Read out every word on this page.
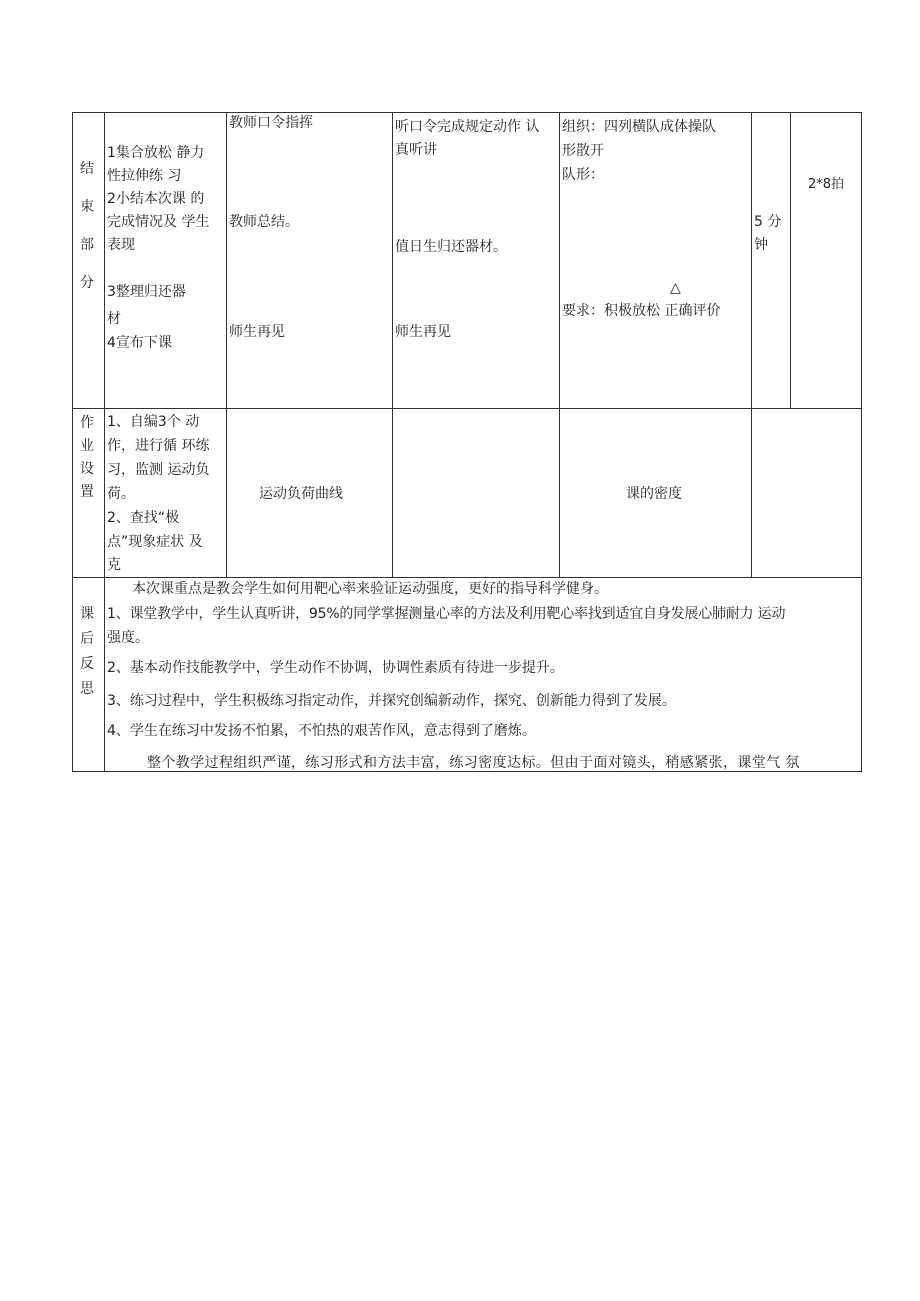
结
束
部
分
1集合放松 静力
性拉伸练 习
2小结本次课 的
完成情况及 学生
表现
3整理归还器
材
4宣布下课
教师口令指挥
教师总结。
师生再见
听口令完成规定动作 认
真听讲
值日生归还器材。
师生再见
组织：四列横队成体操队
形散开
队形：
△
要求：积极放松 正确评价
5 分
钟
2*8拍
作
业
设
置
1、自编3个 动
作，进行循 环练
习，监测 运动负
荷。
2、查找“极
点”现象症状 及
克
运动负荷曲线	课的密度
课
后
反
思
本次课重点是教会学生如何用靶心率来验证运动强度，更好的指导科学健身。
1、课堂教学中，学生认真听讲，95%的同学掌握测量心率的方法及利用靶心率找到适宜自身发展心肺耐力 运动
强度。
2、基本动作技能教学中，学生动作不协调，协调性素质有待进一步提升。
3、练习过程中，学生积极练习指定动作，并探究创编新动作，探究、创新能力得到了发展。
4、学生在练习中发扬不怕累，不怕热的艰苦作风，意志得到了磨炼。
整个教学过程组织严谨，练习形式和方法丰富，练习密度达标。但由于面对镜头，稍感紧张，课堂气 氛
